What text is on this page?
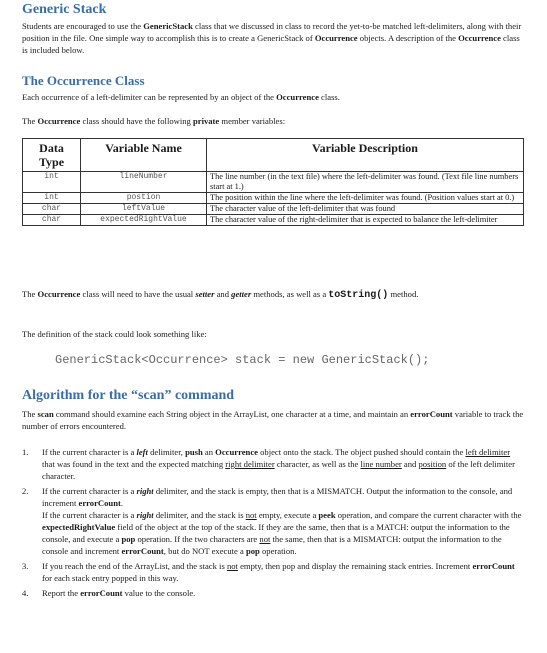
Generic Stack

Students are encouraged to use the GenericStack class that we discussed in class to record the yet-to-be matched left-delimiters, along with their position in the file. One simple way to accomplish this is to create a GenericStack of Occurrence objects. A description of the Occurrence class is included below.

The Occurrence Class

Each occurrence of a left-delimiter can be represented by an object of the Occurrence class.

The Occurrence class should have the following private member variables:

Data Type	Variable Name	Variable Description
int	lineNumber	The line number (in the text file) where the left-delimiter was found. (Text file line numbers start at 1.)
int	postion	The position within the line where the left-delimiter was found. (Position values start at 0.)
char	leftValue	The character value of the left-delimiter that was found
char	expectedRightValue	The character value of the right-delimiter that is expected to balance the left-delimiter

The Occurrence class will need to have the usual setter and getter methods, as well as a toString() method.

The definition of the stack could look something like:

GenericStack<Occurrence> stack = new GenericStack();
Algorithm for the “scan” command

The scan command should examine each String object in the ArrayList, one character at a time, and maintain an errorCount variable to track the number of errors encountered.

1. If the current character is a left delimiter, push an Occurrence object onto the stack. The object pushed should contain the left delimiter that was found in the text and the expected matching right delimiter character, as well as the line number and position of the left delimiter character.
2. If the current character is a right delimiter, and the stack is empty, then that is a MISMATCH. Output the information to the console, and increment errorCount.
If the current character is a right delimiter, and the stack is not empty, execute a peek operation, and compare the current character with the expectedRightValue field of the object at the top of the stack. If they are the same, then that is a MATCH: output the information to the console, and execute a pop operation. If the two characters are not the same, then that is a MISMATCH: output the information to the console and increment errorCount, but do NOT execute a pop operation.
3. If you reach the end of the ArrayList, and the stack is not empty, then pop and display the remaining stack entries. Increment errorCount for each stack entry popped in this way.
4. Report the errorCount value to the console.
